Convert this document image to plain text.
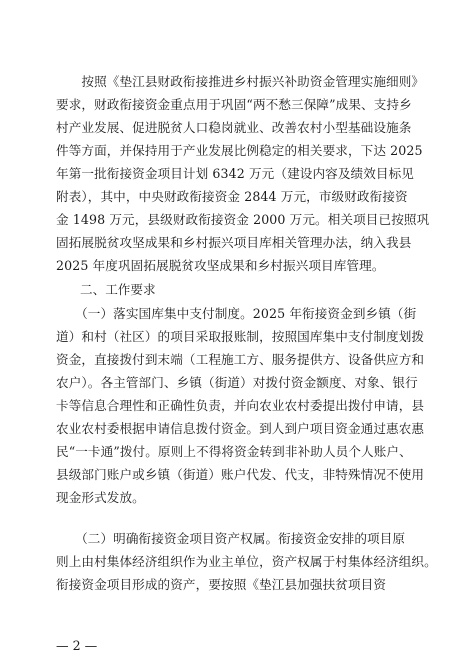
　　按照《垫江县财政衔接推进乡村振兴补助资金管理实施细则》
要求，财政衔接资金重点用于巩固“两不愁三保障”成果、支持乡
村产业发展、促进脱贫人口稳岗就业、改善农村小型基础设施条
件等方面，并保持用于产业发展比例稳定的相关要求，下达 2025
年第一批衔接资金项目计划 6342 万元（建设内容及绩效目标见
附表），其中，中央财政衔接资金 2844 万元，市级财政衔接资
金 1498 万元，县级财政衔接资金 2000 万元。相关项目已按照巩
固拓展脱贫攻坚成果和乡村振兴项目库相关管理办法，纳入我县
2025 年度巩固拓展脱贫攻坚成果和乡村振兴项目库管理。
二、工作要求
　　（一）落实国库集中支付制度。2025 年衔接资金到乡镇（街
道）和村（社区）的项目采取报账制，按照国库集中支付制度划拨
资金，直接拨付到末端（工程施工方、服务提供方、设备供应方和
农户）。各主管部门、乡镇（街道）对拨付资金额度、对象、银行
卡等信息合理性和正确性负责，并向农业农村委提出拨付申请，县
农业农村委根据申请信息拨付资金。到人到户项目资金通过惠农惠
民“一卡通”拨付。原则上不得将资金转到非补助人员个人账户、
县级部门账户或乡镇（街道）账户代发、代支，非特殊情况不使用
现金形式发放。
　　（二）明确衔接资金项目资产权属。衔接资金安排的项目原
则上由村集体经济组织作为业主单位，资产权属于村集体经济组织。
衔接资金项目形成的资产，要按照《垫江县加强扶贫项目资
— 2 —
